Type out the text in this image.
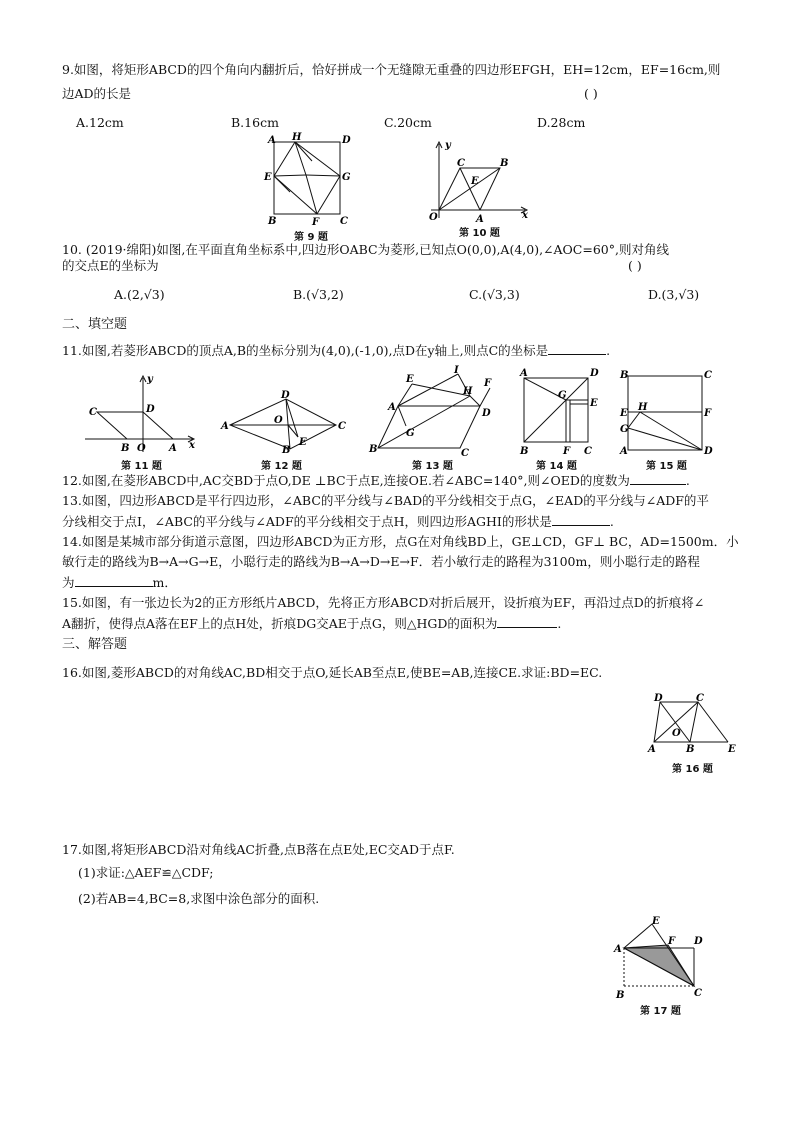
9.如图，将矩形ABCD的四个角向内翻折后，恰好拼成一个无缝隙无重叠的四边形EFGH，EH=12cm，EF=16cm,则
边AD的长是	( )
A.12cm	B.16cm	C.20cm	D.28cm
A H	D
E	G
B	F C
第 9 题
y
C	B
E
O	A	x
第 10 题
10. (2019·绵阳)如图,在平面直角坐标系中,四边形OABC为菱形,已知点O(0,0),A(4,0),∠AOC=60°,则对角线
的交点E的坐标为	( )
A.(2,√3)	B.(√3,2)	C.(√3,3)	D.(3,√3)
二、填空题
11.如图,若菱形ABCD的顶点A,B的坐标分别为(4,0),(-1,0),点D在y轴上,则点C的坐标是	.
y
C	D
B O A x
第 11 题
D
A
O
C
B
E
第 12 题
E
I
F
H
A
D
G
B	C
第 13 题
A	D
G
E
B	F C
第 14 题
B	C
E
H
F
G
A	D
第 15 题
12.如图,在菱形ABCD中,AC交BD于点O,DE ⊥BC于点E,连接OE.若∠ABC=140°,则∠OED的度数为	.
13.如图，四边形ABCD是平行四边形，∠ABC的平分线与∠BAD的平分线相交于点G，∠EAD的平分线与∠ADF的平
分线相交于点I，∠ABC的平分线与∠ADF的平分线相交于点H，则四边形AGHI的形状是	.
14.如图是某城市部分街道示意图，四边形ABCD为正方形，点G在对角线BD上，GE⊥CD，GF⊥ BC，AD=1500m．小
敏行走的路线为B→A→G→E，小聪行走的路线为B→A→D→E→F．若小敏行走的路程为3100m，则小聪行走的路程
为	m．
15.如图，有一张边长为2的正方形纸片ABCD，先将正方形ABCD对折后展开，设折痕为EF，再沿过点D的折痕将∠
A翻折，使得点A落在EF上的点H处，折痕DG交AE于点G，则△HGD的面积为	.
三、解答题
16.如图,菱形ABCD的对角线AC,BD相交于点O,延长AB至点E,使BE=AB,连接CE.求证:BD=EC.
D	C
O
A	B	E
第 16 题
17.如图,将矩形ABCD沿对角线AC折叠,点B落在点E处,EC交AD于点F.
(1)求证:△AEF≌△CDF;
(2)若AB=4,BC=8,求图中涂色部分的面积.
E
F D
A
B	C
第 17 题
